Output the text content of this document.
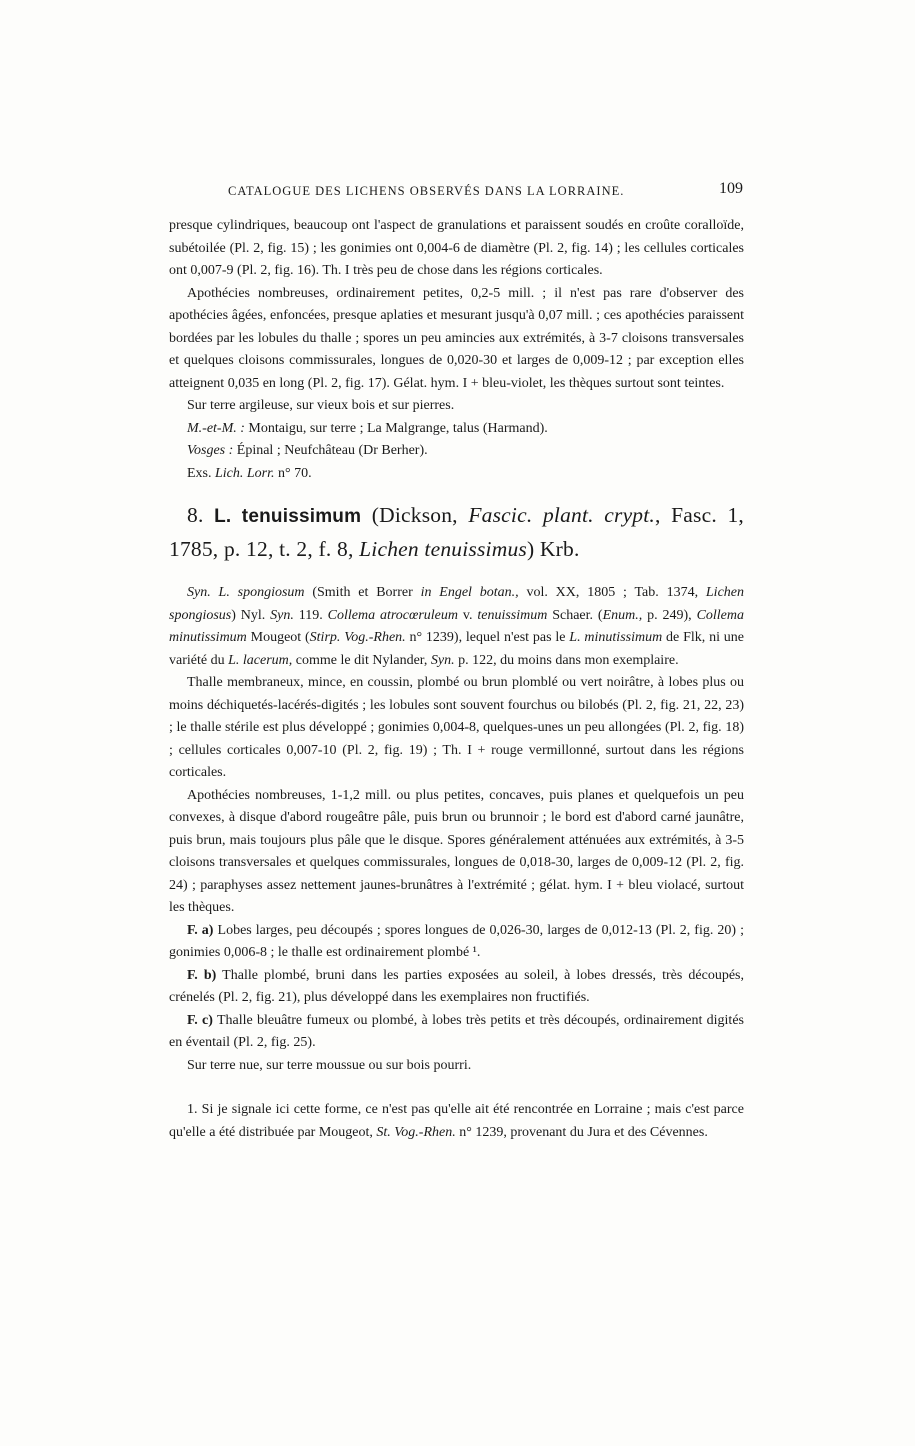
CATALOGUE DES LICHENS OBSERVÉS DANS LA LORRAINE.	109

presque cylindriques, beaucoup ont l'aspect de granulations et paraissent soudés en croûte coralloïde, subétoilée (Pl. 2, fig. 15) ; les gonimies ont 0,004-6 de diamètre (Pl. 2, fig. 14) ; les cellules corticales ont 0,007-9 (Pl. 2, fig. 16). Th. I très peu de chose dans les régions corticales.

Apothécies nombreuses, ordinairement petites, 0,2-5 mill. ; il n'est pas rare d'observer des apothécies âgées, enfoncées, presque aplaties et mesurant jusqu'à 0,07 mill. ; ces apothécies paraissent bordées par les lobules du thalle ; spores un peu amincies aux extrémités, à 3-7 cloisons transversales et quelques cloisons commissurales, longues de 0,020-30 et larges de 0,009-12 ; par exception elles atteignent 0,035 en long (Pl. 2, fig. 17). Gélat. hym. I + bleu-violet, les thèques surtout sont teintes.

Sur terre argileuse, sur vieux bois et sur pierres.

M.-et-M. : Montaigu, sur terre ; La Malgrange, talus (Harmand).

Vosges : Épinal ; Neufchâteau (Dr Berher).

Exs. Lich. Lorr. n° 70.

8. L. tenuissimum (Dickson, Fascic. plant. crypt., Fasc. 1, 1785, p. 12, t. 2, f. 8, Lichen tenuissimus) Krb.

Syn. L. spongiosum (Smith et Borrer in Engel botan., vol. XX, 1805 ; Tab. 1374, Lichen spongiosus) Nyl. Syn. 119. Collema atrocœruleum v. tenuissimum Schaer. (Enum., p. 249), Collema minutissimum Mougeot (Stirp. Vog.-Rhen. n° 1239), lequel n'est pas le L. minutissimum de Flk, ni une variété du L. lacerum, comme le dit Nylander, Syn. p. 122, du moins dans mon exemplaire.

Thalle membraneux, mince, en coussin, plombé ou brun plomblé ou vert noirâtre, à lobes plus ou moins déchiquetés-lacérés-digités ; les lobules sont souvent fourchus ou bilobés (Pl. 2, fig. 21, 22, 23) ; le thalle stérile est plus développé ; gonimies 0,004-8, quelques-unes un peu allongées (Pl. 2, fig. 18) ; cellules corticales 0,007-10 (Pl. 2, fig. 19) ; Th. I + rouge vermillonné, surtout dans les régions corticales.

Apothécies nombreuses, 1-1,2 mill. ou plus petites, concaves, puis planes et quelquefois un peu convexes, à disque d'abord rougeâtre pâle, puis brun ou brunnoir ; le bord est d'abord carné jaunâtre, puis brun, mais toujours plus pâle que le disque. Spores généralement atténuées aux extrémités, à 3-5 cloisons transversales et quelques commissurales, longues de 0,018-30, larges de 0,009-12 (Pl. 2, fig. 24) ; paraphyses assez nettement jaunes-brunâtres à l'extrémité ; gélat. hym. I + bleu violacé, surtout les thèques.

F. a) Lobes larges, peu découpés ; spores longues de 0,026-30, larges de 0,012-13 (Pl. 2, fig. 20) ; gonimies 0,006-8 ; le thalle est ordinairement plombé ¹.

F. b) Thalle plombé, bruni dans les parties exposées au soleil, à lobes dressés, très découpés, crénelés (Pl. 2, fig. 21), plus développé dans les exemplaires non fructifiés.

F. c) Thalle bleuâtre fumeux ou plombé, à lobes très petits et très découpés, ordinairement digités en éventail (Pl. 2, fig. 25).

Sur terre nue, sur terre moussue ou sur bois pourri.

1. Si je signale ici cette forme, ce n'est pas qu'elle ait été rencontrée en Lorraine ; mais c'est parce qu'elle a été distribuée par Mougeot, St. Vog.-Rhen. n° 1239, provenant du Jura et des Cévennes.
